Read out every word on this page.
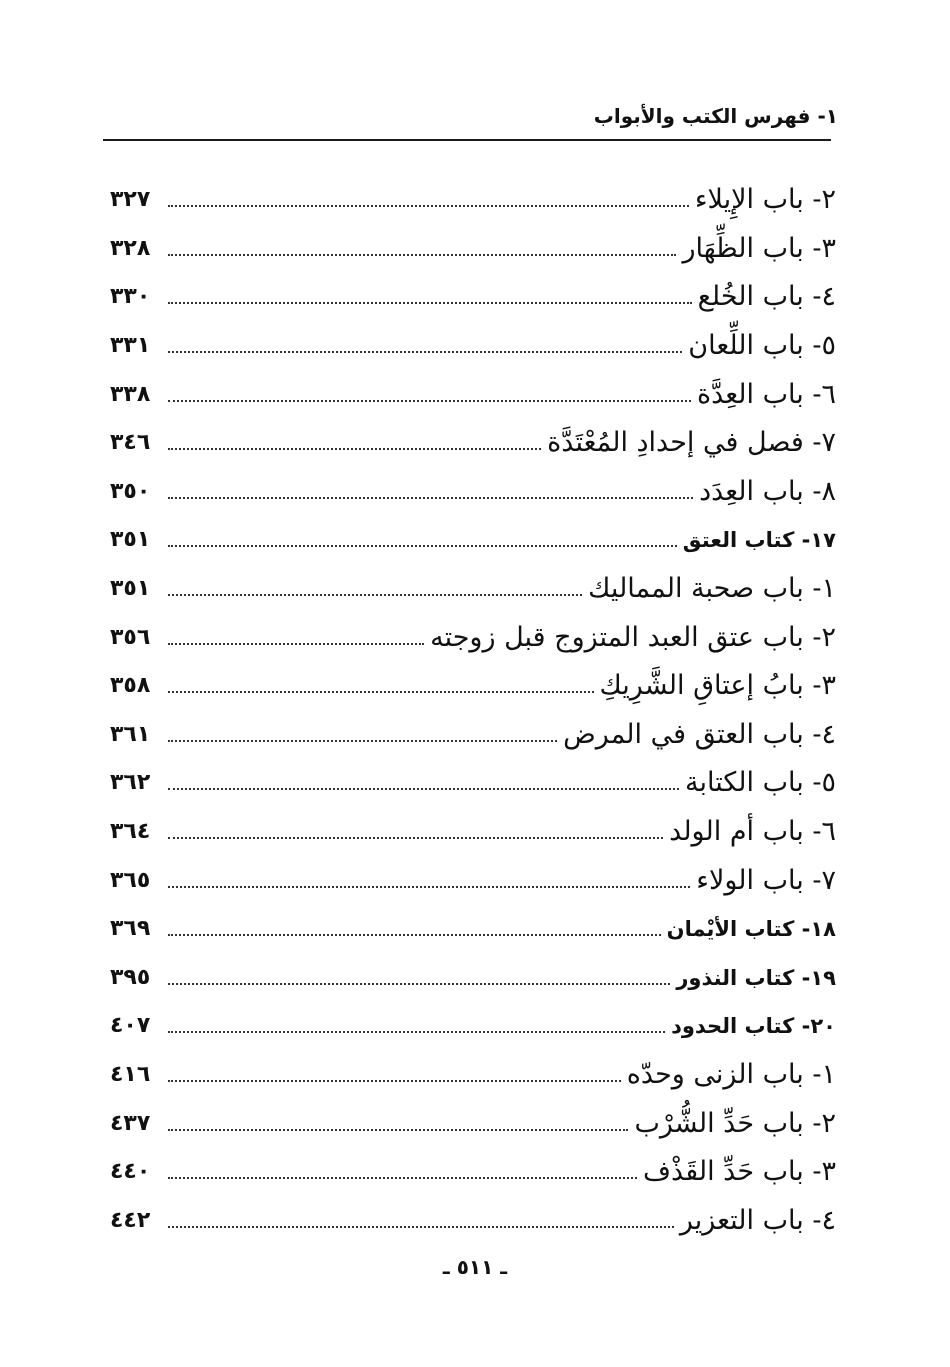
١- فهرس الكتب والأبواب
٢- باب الإِيلاء
٣٢٧
٣- باب الظِّهَار
٣٢٨
٤- باب الخُلع
٣٣٠
٥- باب اللِّعان
٣٣١
٦- باب العِدَّة
٣٣٨
٧- فصل في إحدادِ المُعْتَدَّة
٣٤٦
٨- باب العِدَد
٣٥٠
١٧- كتاب العتق
٣٥١
١- باب صحبة المماليك
٣٥١
٢- باب عتق العبد المتزوج قبل زوجته
٣٥٦
٣- بابُ إعتاقِ الشَّرِيكِ
٣٥٨
٤- باب العتق في المرض
٣٦١
٥- باب الكتابة
٣٦٢
٦- باب أم الولد
٣٦٤
٧- باب الولاء
٣٦٥
١٨- كتاب الأيْمان
٣٦٩
١٩- كتاب النذور
٣٩٥
٢٠- كتاب الحدود
٤٠٧
١- باب الزنى وحدّه
٤١٦
٢- باب حَدِّ الشُّرْب
٤٣٧
٣- باب حَدِّ القَذْف
٤٤٠
٤- باب التعزير
٤٤٢
ـ ٥١١ ـ
